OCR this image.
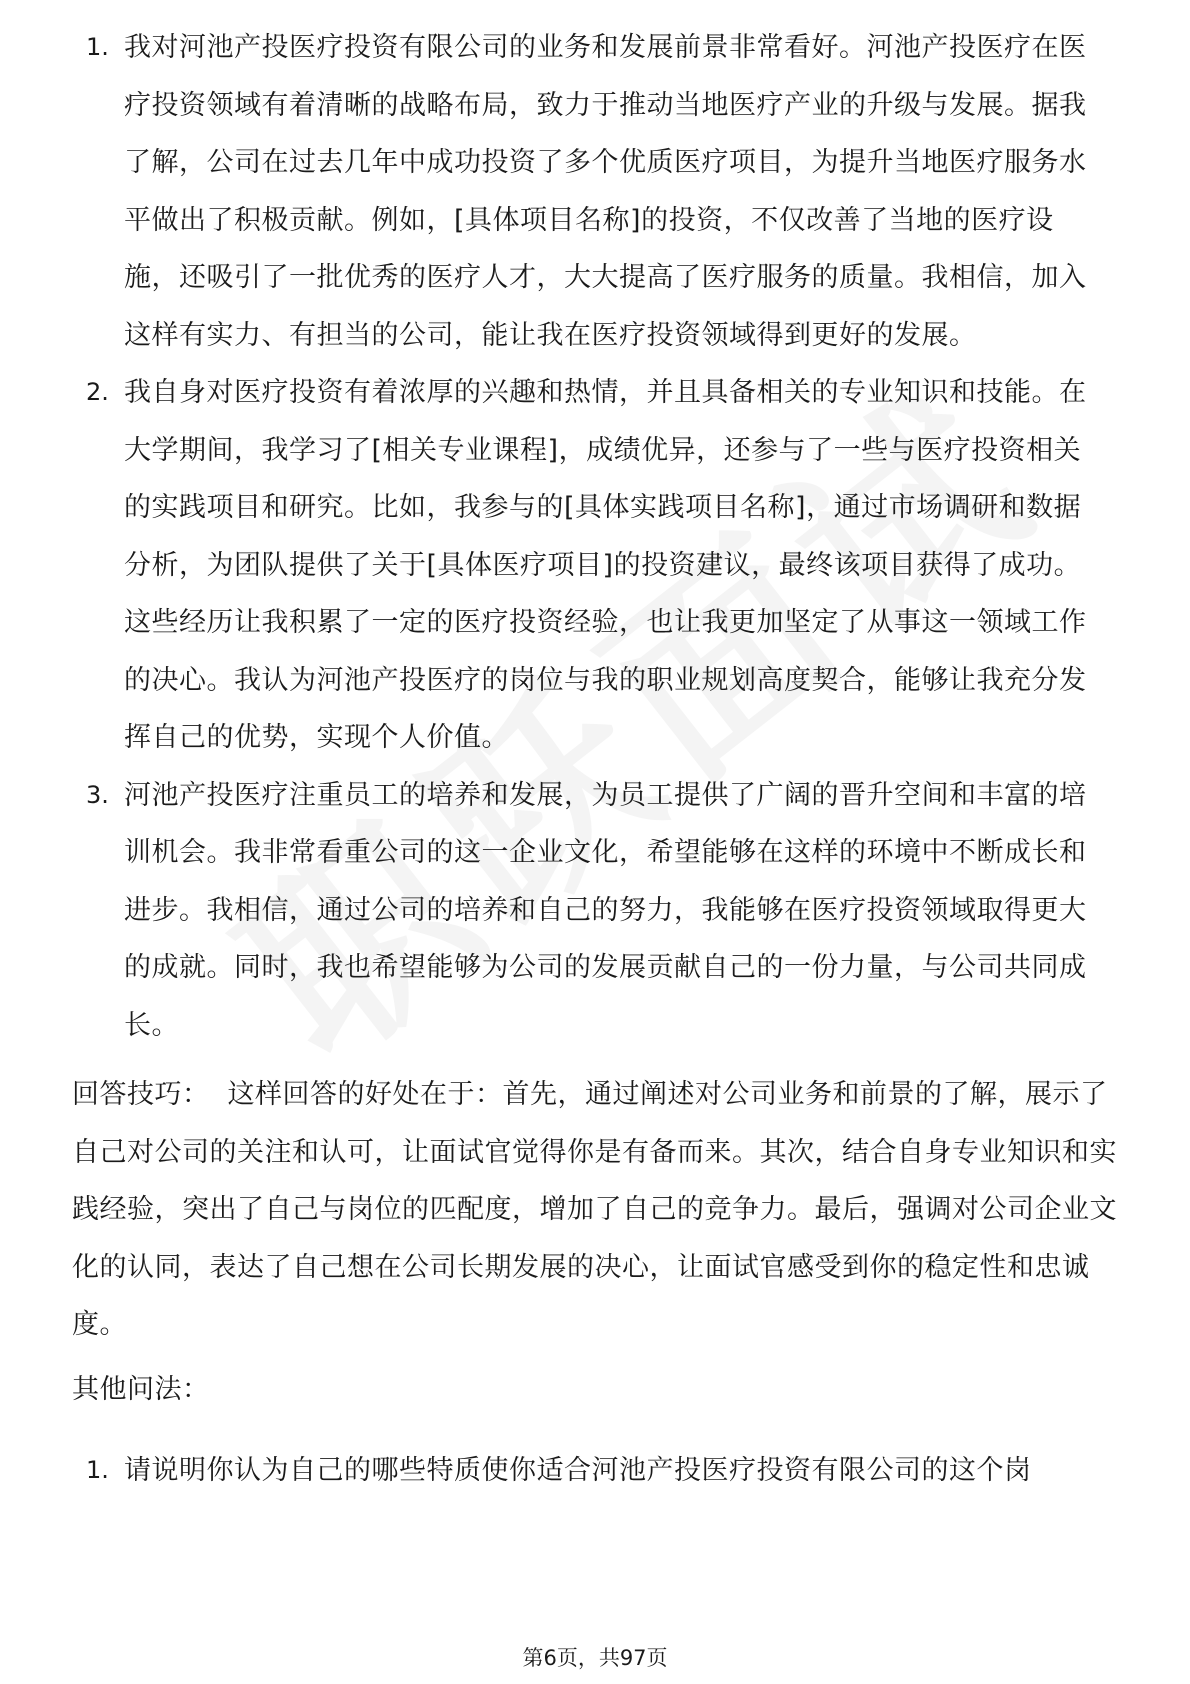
1. 我对河池产投医疗投资有限公司的业务和发展前景非常看好。河池产投医疗在医疗投资领域有着清晰的战略布局，致力于推动当地医疗产业的升级与发展。据我了解，公司在过去几年中成功投资了多个优质医疗项目，为提升当地医疗服务水平做出了积极贡献。例如，[具体项目名称]的投资，不仅改善了当地的医疗设施，还吸引了一批优秀的医疗人才，大大提高了医疗服务的质量。我相信，加入这样有实力、有担当的公司，能让我在医疗投资领域得到更好的发展。
2. 我自身对医疗投资有着浓厚的兴趣和热情，并且具备相关的专业知识和技能。在大学期间，我学习了[相关专业课程]，成绩优异，还参与了一些与医疗投资相关的实践项目和研究。比如，我参与的[具体实践项目名称]，通过市场调研和数据分析，为团队提供了关于[具体医疗项目]的投资建议，最终该项目获得了成功。这些经历让我积累了一定的医疗投资经验，也让我更加坚定了从事这一领域工作的决心。我认为河池产投医疗的岗位与我的职业规划高度契合，能够让我充分发挥自己的优势，实现个人价值。
3. 河池产投医疗注重员工的培养和发展，为员工提供了广阔的晋升空间和丰富的培训机会。我非常看重公司的这一企业文化，希望能够在这样的环境中不断成长和进步。我相信，通过公司的培养和自己的努力，我能够在医疗投资领域取得更大的成就。同时，我也希望能够为公司的发展贡献自己的一份力量，与公司共同成长。

回答技巧： 这样回答的好处在于：首先，通过阐述对公司业务和前景的了解，展示了自己对公司的关注和认可，让面试官觉得你是有备而来。其次，结合自身专业知识和实践经验，突出了自己与岗位的匹配度，增加了自己的竞争力。最后，强调对公司企业文化的认同，表达了自己想在公司长期发展的决心，让面试官感受到你的稳定性和忠诚度。

其他问法：

1. 请说明你认为自己的哪些特质使你适合河池产投医疗投资有限公司的这个岗
第6页，共97页
